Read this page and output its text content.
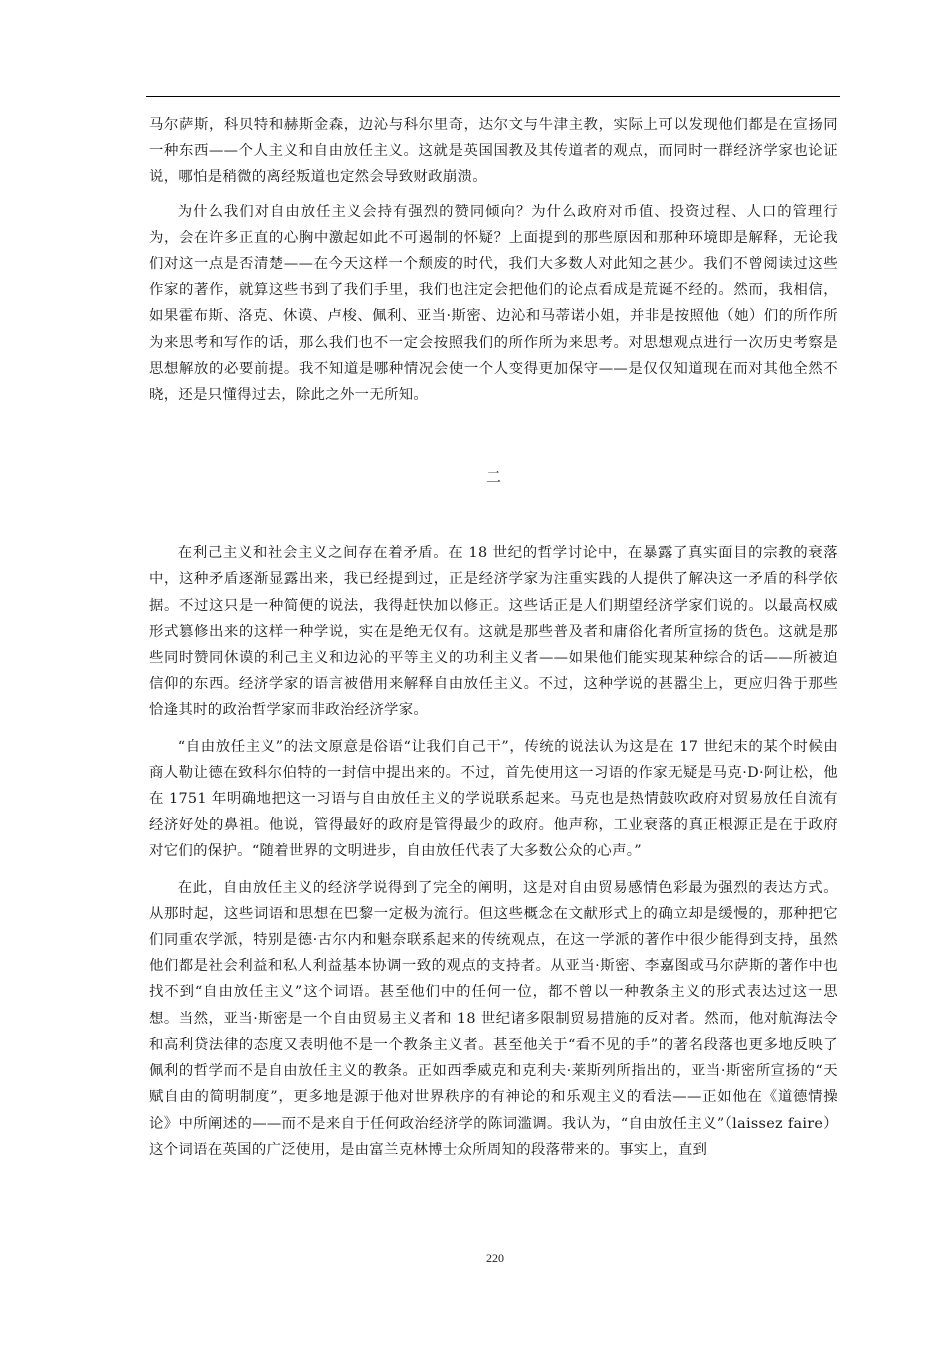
马尔萨斯，科贝特和赫斯金森，边沁与科尔里奇，达尔文与牛津主教，实际上可以发现他们都是在宣扬同一种东西——个人主义和自由放任主义。这就是英国国教及其传道者的观点，而同时一群经济学家也论证说，哪怕是稍微的离经叛道也定然会导致财政崩溃。

为什么我们对自由放任主义会持有强烈的赞同倾向？为什么政府对币值、投资过程、人口的管理行为，会在许多正直的心胸中激起如此不可遏制的怀疑？上面提到的那些原因和那种环境即是解释，无论我们对这一点是否清楚——在今天这样一个颓废的时代，我们大多数人对此知之甚少。我们不曾阅读过这些作家的著作，就算这些书到了我们手里，我们也注定会把他们的论点看成是荒诞不经的。然而，我相信，如果霍布斯、洛克、休谟、卢梭、佩利、亚当·斯密、边沁和马蒂诺小姐，并非是按照他（她）们的所作所为来思考和写作的话，那么我们也不一定会按照我们的所作所为来思考。对思想观点进行一次历史考察是思想解放的必要前提。我不知道是哪种情况会使一个人变得更加保守——是仅仅知道现在而对其他全然不晓，还是只懂得过去，除此之外一无所知。

二

在利己主义和社会主义之间存在着矛盾。在 18 世纪的哲学讨论中，在暴露了真实面目的宗教的衰落中，这种矛盾逐渐显露出来，我已经提到过，正是经济学家为注重实践的人提供了解决这一矛盾的科学依据。不过这只是一种简便的说法，我得赶快加以修正。这些话正是人们期望经济学家们说的。以最高权威形式篡修出来的这样一种学说，实在是绝无仅有。这就是那些普及者和庸俗化者所宣扬的货色。这就是那些同时赞同休谟的利己主义和边沁的平等主义的功利主义者——如果他们能实现某种综合的话——所被迫信仰的东西。经济学家的语言被借用来解释自由放任主义。不过，这种学说的甚嚣尘上，更应归咎于那些恰逢其时的政治哲学家而非政治经济学家。

“自由放任主义”的法文原意是俗语“让我们自己干”，传统的说法认为这是在 17 世纪末的某个时候由商人勒让德在致科尔伯特的一封信中提出来的。不过，首先使用这一习语的作家无疑是马克·D·阿让松，他在 1751 年明确地把这一习语与自由放任主义的学说联系起来。马克也是热情鼓吹政府对贸易放任自流有经济好处的鼻祖。他说，管得最好的政府是管得最少的政府。他声称，工业衰落的真正根源正是在于政府对它们的保护。“随着世界的文明进步，自由放任代表了大多数公众的心声。”

在此，自由放任主义的经济学说得到了完全的阐明，这是对自由贸易感情色彩最为强烈的表达方式。从那时起，这些词语和思想在巴黎一定极为流行。但这些概念在文献形式上的确立却是缓慢的，那种把它们同重农学派，特别是德·古尔内和魁奈联系起来的传统观点，在这一学派的著作中很少能得到支持，虽然他们都是社会利益和私人利益基本协调一致的观点的支持者。从亚当·斯密、李嘉图或马尔萨斯的著作中也找不到“自由放任主义”这个词语。甚至他们中的任何一位，都不曾以一种教条主义的形式表达过这一思想。当然，亚当·斯密是一个自由贸易主义者和 18 世纪诸多限制贸易措施的反对者。然而，他对航海法令和高利贷法律的态度又表明他不是一个教条主义者。甚至他关于“看不见的手”的著名段落也更多地反映了佩利的哲学而不是自由放任主义的教条。正如西季威克和克利夫·莱斯列所指出的，亚当·斯密所宣扬的“天赋自由的简明制度”，更多地是源于他对世界秩序的有神论的和乐观主义的看法——正如他在《道德情操论》中所阐述的——而不是来自于任何政治经济学的陈词滥调。我认为，“自由放任主义”（laissez faire）这个词语在英国的广泛使用，是由富兰克林博士众所周知的段落带来的。事实上，直到

220
